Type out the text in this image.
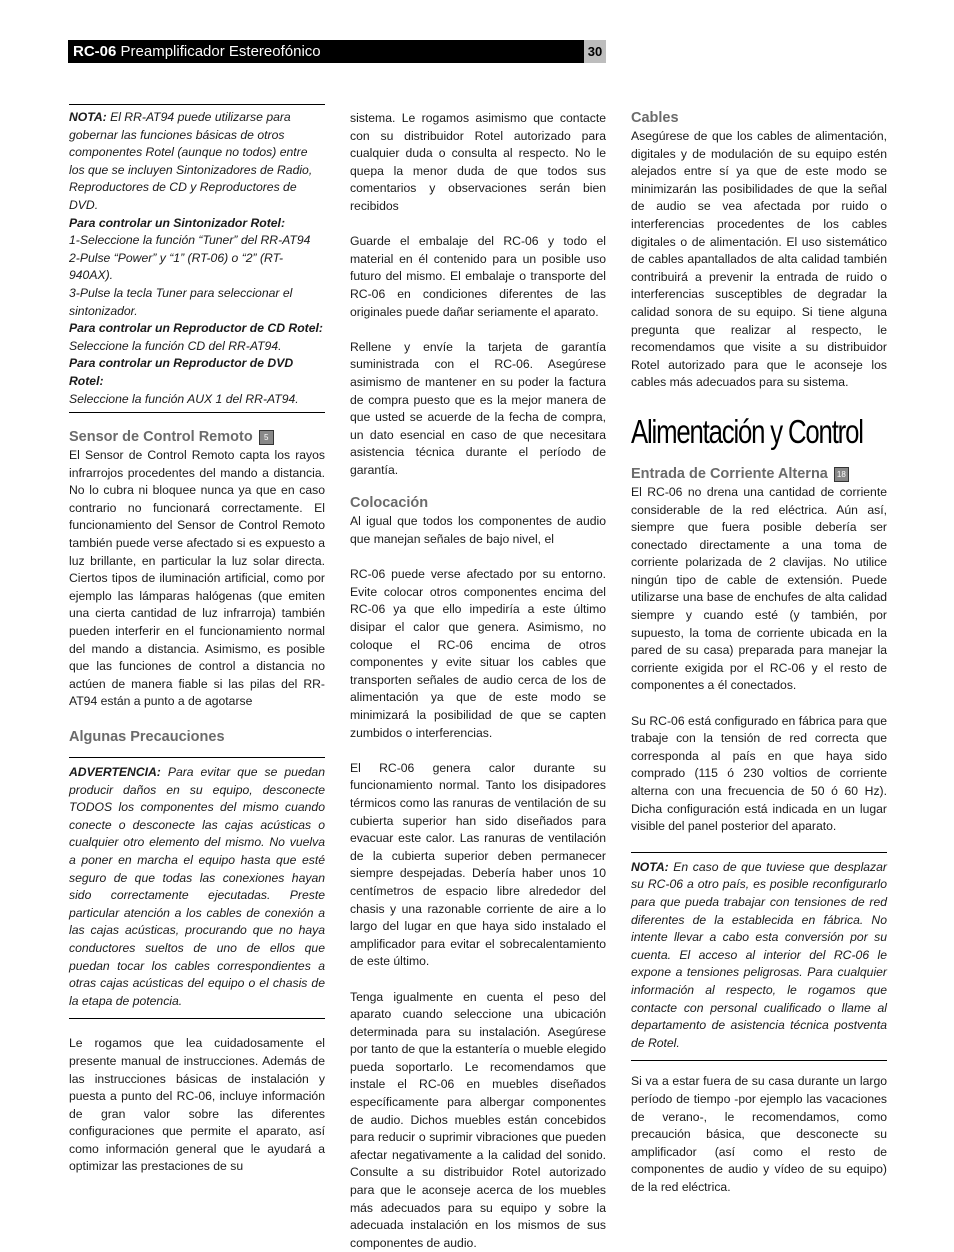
RC-06 Preamplificador Estereofónico	30

NOTA: El RR-AT94 puede utilizarse para gobernar las funciones básicas de otros componentes Rotel (aunque no todos) entre los que se incluyen Sintonizadores de Radio, Reproductores de CD y Reproductores de DVD.

Para controlar un Sintonizador Rotel:

1-Seleccione la función “Tuner” del RR-AT94

2-Pulse “Power” y “1” (RT-06) o “2” (RT-940AX).

3-Pulse la tecla Tuner para seleccionar el sintonizador.

Para controlar un Reproductor de CD Rotel:

Seleccione la función CD del RR-AT94.

Para controlar un Reproductor de DVD Rotel:

Seleccione la función AUX 1 del RR-AT94.

Sensor de Control Remoto 5

El Sensor de Control Remoto capta los rayos infrarrojos procedentes del mando a distancia. No lo cubra ni bloquee nunca ya que en caso contrario no funcionará correctamente. El funcionamiento del Sensor de Control Remoto también puede verse afectado si es expuesto a luz brillante, en particular la luz solar directa. Ciertos tipos de iluminación artificial, como por ejemplo las lámparas halógenas (que emiten una cierta cantidad de luz infrarroja) también pueden interferir en el funcionamiento normal del mando a distancia. Asimismo, es posible que las funciones de control a distancia no actúen de manera fiable si las pilas del RR-AT94 están a punto a de agotarse

Algunas Precauciones

ADVERTENCIA: Para evitar que se puedan producir daños en su equipo, desconecte TODOS los componentes del mismo cuando conecte o desconecte las cajas acústicas o cualquier otro elemento del mismo. No vuelva a poner en marcha el equipo hasta que esté seguro de que todas las conexiones hayan sido correctamente ejecutadas. Preste particular atención a los cables de conexión a las cajas acústicas, procurando que no haya conductores sueltos de uno de ellos que puedan tocar los cables correspondientes a otras cajas acústicas del equipo o el chasis de la etapa de potencia.

Le rogamos que lea cuidadosamente el presente manual de instrucciones. Además de las instrucciones básicas de instalación y puesta a punto del RC-06, incluye información de gran valor sobre las diferentes configuraciones que permite el aparato, así como información general que le ayudará a optimizar las prestaciones de su

sistema. Le rogamos asimismo que contacte con su distribuidor Rotel autorizado para cualquier duda o consulta al respecto. No le quepa la menor duda de que todos sus comentarios y observaciones serán bien recibidos

Guarde el embalaje del RC-06 y todo el material en él contenido para un posible uso futuro del mismo. El embalaje o transporte del RC-06 en condiciones diferentes de las originales puede dañar seriamente el aparato.

Rellene y envíe la tarjeta de garantía suministrada con el RC-06. Asegúrese asimismo de mantener en su poder la factura de compra puesto que es la mejor manera de que usted se acuerde de la fecha de compra, un dato esencial en caso de que necesitara asistencia técnica durante el período de garantía.

Colocación

Al igual que todos los componentes de audio que manejan señales de bajo nivel, el

RC-06 puede verse afectado por su entorno. Evite colocar otros componentes encima del RC-06 ya que ello impediría a este último disipar el calor que genera. Asimismo, no coloque el RC-06 encima de otros componentes y evite situar los cables que transporten señales de audio cerca de los de alimentación ya que de este modo se minimizará la posibilidad de que se capten zumbidos o interferencias.

El RC-06 genera calor durante su funcionamiento normal. Tanto los disipadores térmicos como las ranuras de ventilación de su cubierta superior han sido diseñados para evacuar este calor. Las ranuras de ventilación de la cubierta superior deben permanecer siempre despejadas. Debería haber unos 10 centímetros de espacio libre alrededor del chasis y una razonable corriente de aire a lo largo del lugar en que haya sido instalado el amplificador para evitar el sobrecalentamiento de este último.

Tenga igualmente en cuenta el peso del aparato cuando seleccione una ubicación determinada para su instalación. Asegúrese por tanto de que la estantería o mueble elegido pueda soportarlo. Le recomendamos que instale el RC-06 en muebles diseñados específicamente para albergar componentes de audio. Dichos muebles están concebidos para reducir o suprimir vibraciones que pueden afectar negativamente a la calidad del sonido. Consulte a su distribuidor Rotel autorizado para que le aconseje acerca de los muebles más adecuados para su equipo y sobre la adecuada instalación en los mismos de sus componentes de audio.

Cables

Asegúrese de que los cables de alimentación, digitales y de modulación de su equipo estén alejados entre sí ya que de este modo se minimizarán las posibilidades de que la señal de audio se vea afectada por ruido o interferencias procedentes de los cables digitales o de alimentación. El uso sistemático de cables apantallados de alta calidad también contribuirá a prevenir la entrada de ruido o interferencias susceptibles de degradar la calidad sonora de su equipo. Si tiene alguna pregunta que realizar al respecto, le recomendamos que visite a su distribuidor Rotel autorizado para que le aconseje los cables más adecuados para su sistema.

Alimentación y Control
Entrada de Corriente Alterna 18

El RC-06 no drena una cantidad de corriente considerable de la red eléctrica. Aún así, siempre que fuera posible debería ser conectado directamente a una toma de corriente polarizada de 2 clavijas. No utilice ningún tipo de cable de extensión. Puede utilizarse una base de enchufes de alta calidad siempre y cuando esté (y también, por supuesto, la toma de corriente ubicada en la pared de su casa) preparada para manejar la corriente exigida por el RC-06 y el resto de componentes a él conectados.

Su RC-06 está configurado en fábrica para que trabaje con la tensión de red correcta que corresponda al país en que haya sido comprado (115 ó 230 voltios de corriente alterna con una frecuencia de 50 ó 60 Hz). Dicha configuración está indicada en un lugar visible del panel posterior del aparato.

NOTA: En caso de que tuviese que desplazar su RC-06 a otro país, es posible reconfigurarlo para que pueda trabajar con tensiones de red diferentes de la establecida en fábrica. No intente llevar a cabo esta conversión por su cuenta. El acceso al interior del RC-06 le expone a tensiones peligrosas. Para cualquier información al respecto, le rogamos que contacte con personal cualificado o llame al departamento de asistencia técnica postventa de Rotel.

Si va a estar fuera de su casa durante un largo período de tiempo -por ejemplo las vacaciones de verano-, le recomendamos, como precaución básica, que desconecte su amplificador (así como el resto de componentes de audio y vídeo de su equipo) de la red eléctrica.
